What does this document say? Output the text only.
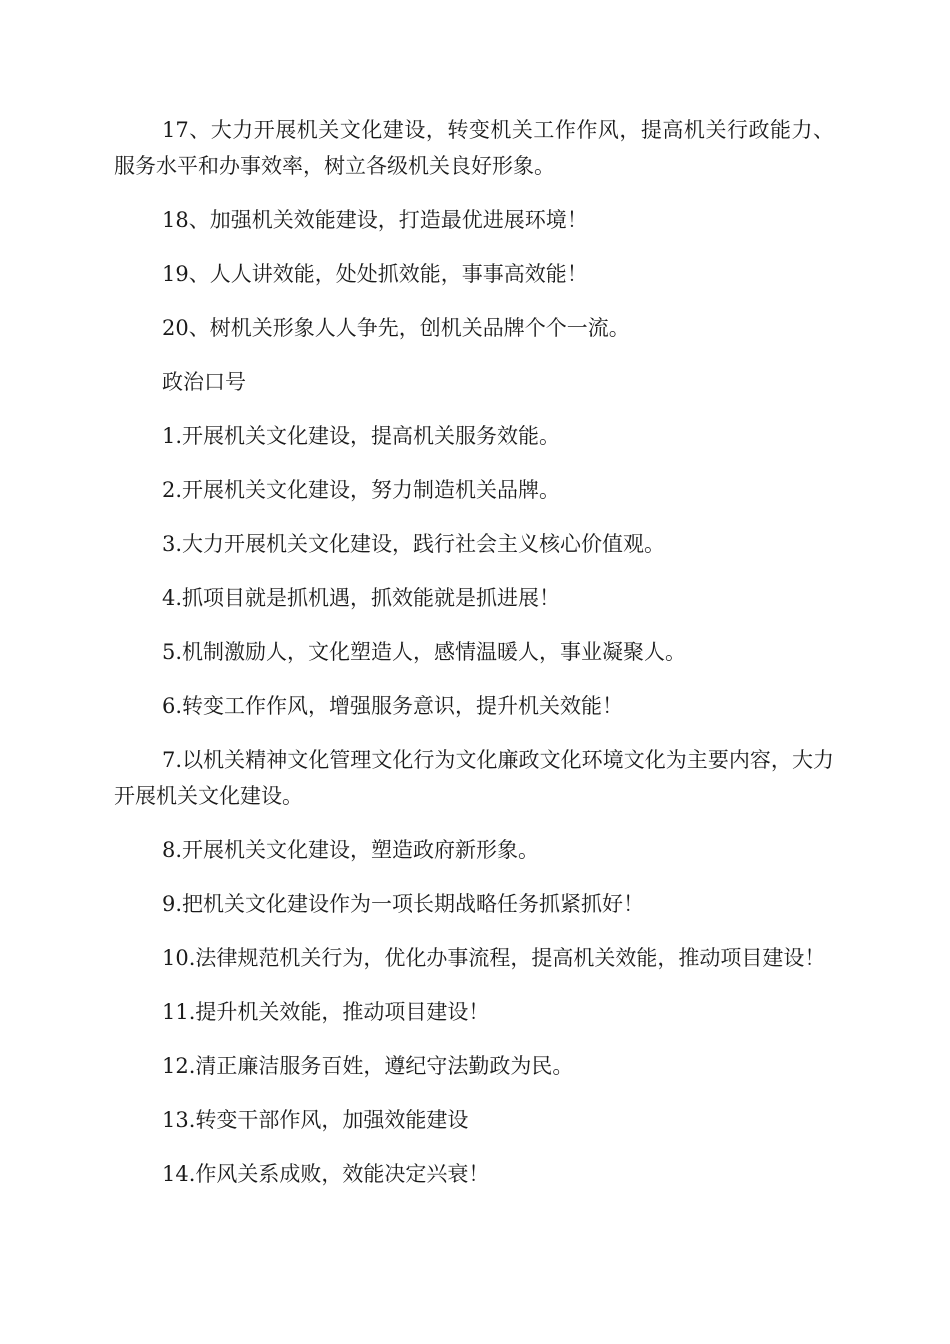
17、大力开展机关文化建设，转变机关工作作风，提高机关行政能力、服务水平和办事效率，树立各级机关良好形象。

18、加强机关效能建设，打造最优进展环境！

19、人人讲效能，处处抓效能，事事高效能！

20、树机关形象人人争先，创机关品牌个个一流。

政治口号

1.开展机关文化建设，提高机关服务效能。

2.开展机关文化建设，努力制造机关品牌。

3.大力开展机关文化建设，践行社会主义核心价值观。

4.抓项目就是抓机遇，抓效能就是抓进展！

5.机制激励人，文化塑造人，感情温暖人，事业凝聚人。

6.转变工作作风，增强服务意识，提升机关效能！

7.以机关精神文化管理文化行为文化廉政文化环境文化为主要内容，大力开展机关文化建设。

8.开展机关文化建设，塑造政府新形象。

9.把机关文化建设作为一项长期战略任务抓紧抓好！

10.法律规范机关行为，优化办事流程，提高机关效能，推动项目建设！

11.提升机关效能，推动项目建设！

12.清正廉洁服务百姓，遵纪守法勤政为民。

13.转变干部作风，加强效能建设

14.作风关系成败，效能决定兴衰！
